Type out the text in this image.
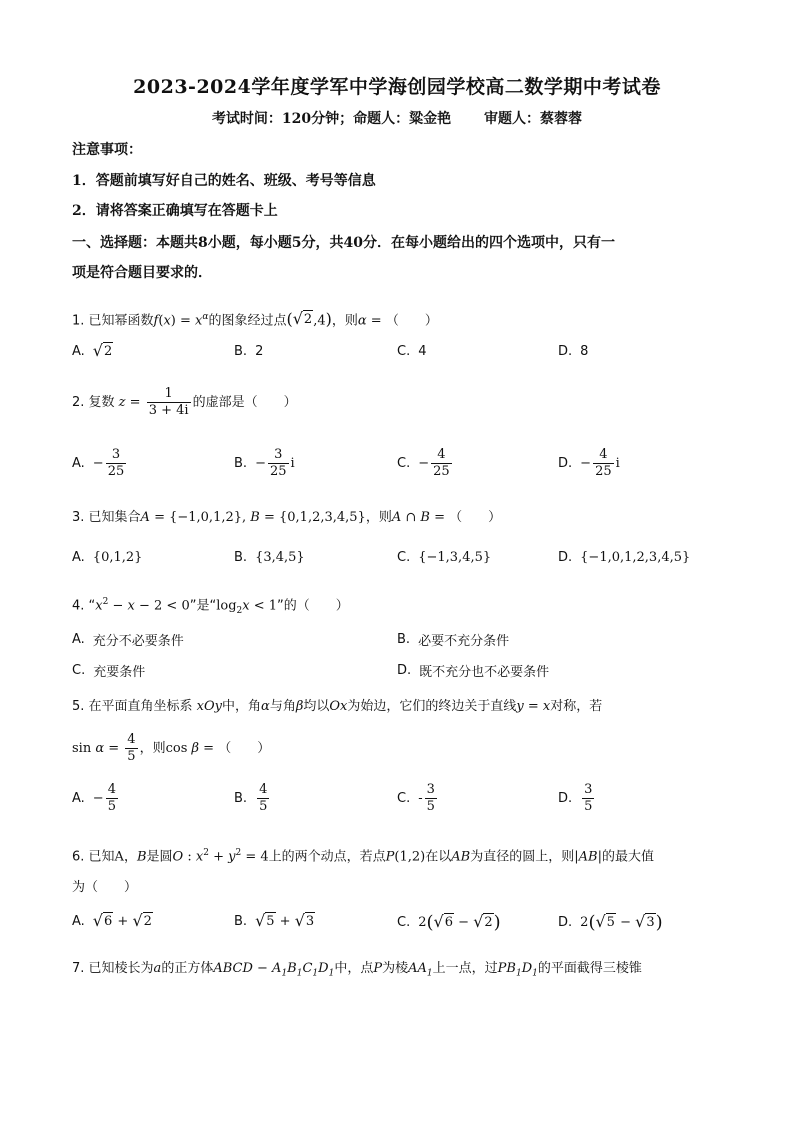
2023-2024学年度学军中学海创园学校高二数学期中考试卷
考试时间：120分钟；命题人：粱金艳 审题人：蔡蓉蓉
注意事项：
1．答题前填写好自己的姓名、班级、考号等信息
2．请将答案正确填写在答题卡上
一、选择题：本题共8小题，每小题5分，共40分．在每小题给出的四个选项中，只有一
项是符合题目要求的．
1. 已知幂函数$f(x) = x^\alpha$的图象经过点( √ 2 ,4)，则α = （　　）
A. √ 2	B. 2	C. 4	D. 8
2. 复数 $z = \frac{1}{3 + 4i}$ 的虚部是（　　）
A. − $\frac{3}{25}$	B. − $\frac{3}{25}$ i	C. − $\frac{4}{25}$	D. − $\frac{4}{25}$ i
3. 已知集合A = {−1,0,1,2}, B = {0,1,2,3,4,5}，则A ∩ B = （　　）
A. {0,1,2}	B. {3,4,5}	C. {−1,3,4,5}	D. {−1,0,1,2,3,4,5}
4. “$x^2 - x - 2 < 0$”是“$\log_2x < 1$”的（　　）
A. 充分不必要条件	B. 必要不充分条件
C. 充要条件	D. 既不充分也不必要条件
5. 在平面直角坐标系 xOy中，角α与角β均以Ox为始边，它们的终边关于直线y = x对称，若
$\sin \alpha = \frac{4}{5}$ ，则 cos β = （　　）
A. − $\frac{4}{5}$	B. $\frac{4}{5}$	C. - $\frac{3}{5}$	D. $\frac{3}{5}$
6. 已知A，B是圆O : $x^2 + y^2 = 4$上的两个动点，若点P(1,2)在以AB为直径的圆上，则|AB|的最大值
为（　　）
A. √ 6 + √ 2	B. √ 5 + √ 3	C. 2 ( √ 6 − √ 2 )	D. 2 ( √ 5 − √ 3 )
7. 已知棱长为a的正方体ABCD − $A_1B_1C_1D_1$中，点P为棱$AA_1$上一点，过$PB_1D_1$的平面截得三棱锥
